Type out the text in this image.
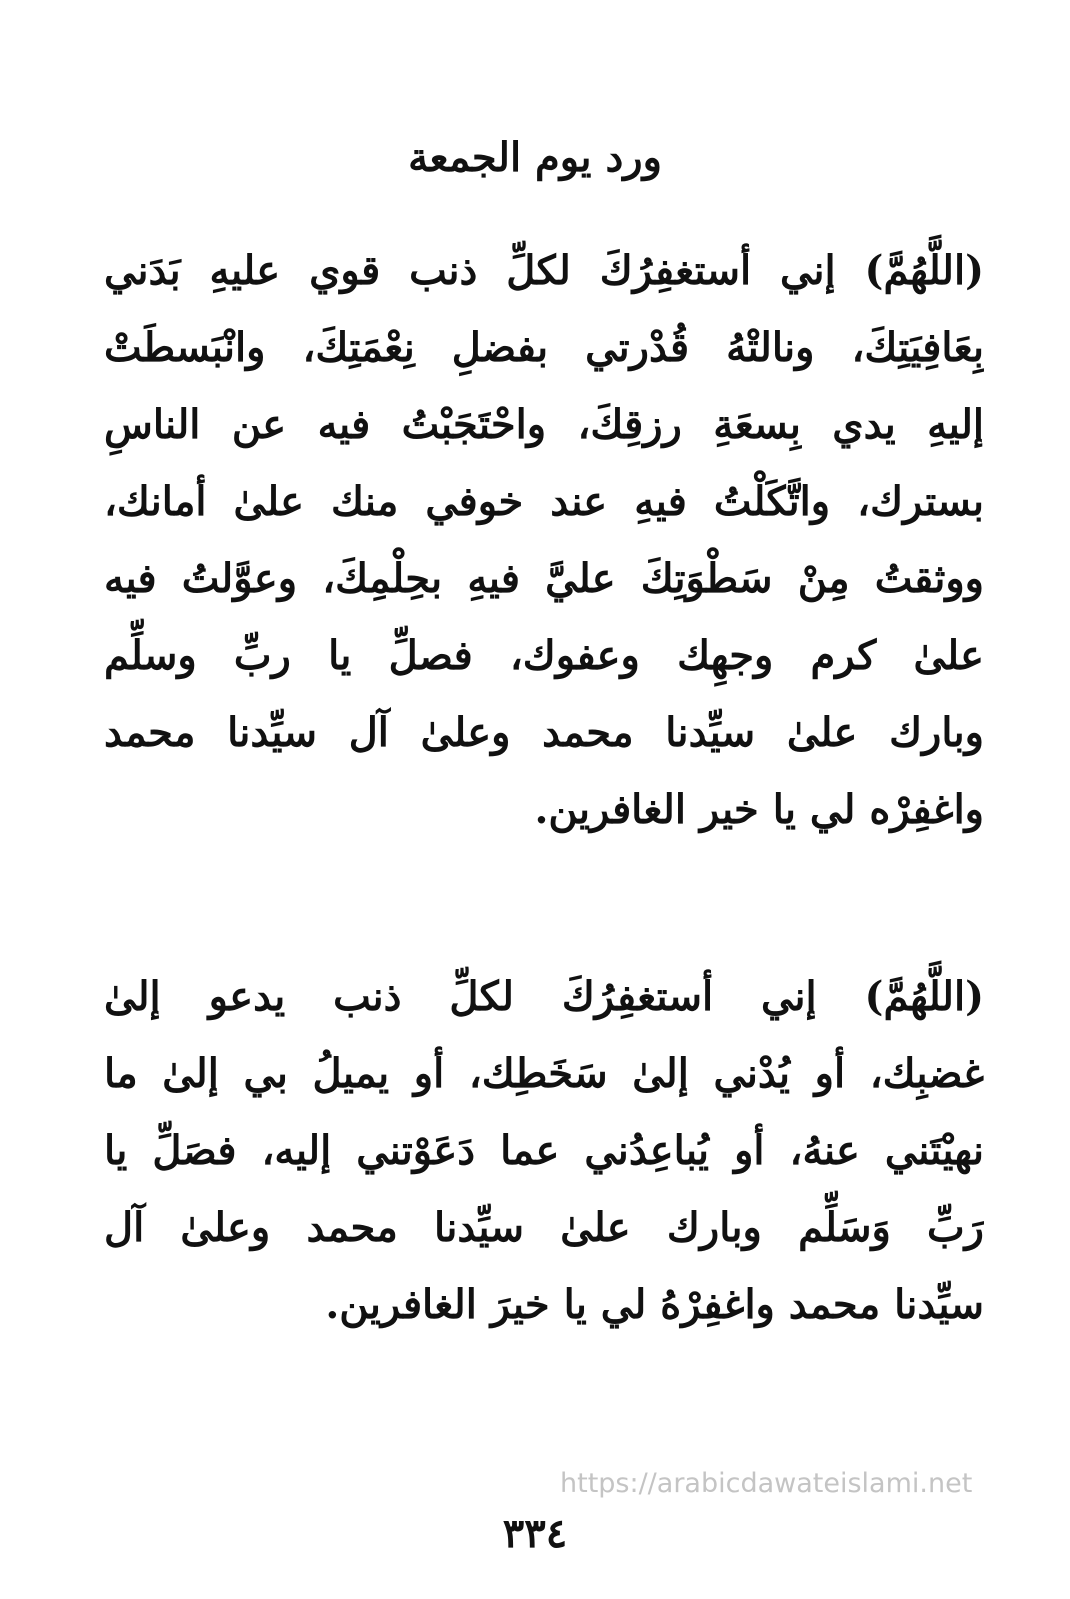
ورد يوم الجمعة
(اللَّهُمَّ) إني أستغفِرُكَ لكلِّ ذنب قوي عليهِ بَدَني
بِعَافِيَتِكَ، ونالتْهُ قُدْرتي بفضلِ نِعْمَتِكَ، وانْبَسطَتْ
إليهِ يدي بِسعَةِ رزقِكَ، واحْتَجَبْتُ فيه عن الناسِ
بسترك، واتَّكَلْتُ فيهِ عند خوفي منك علىٰ أمانك،
ووثقتُ مِنْ سَطْوَتِكَ عليَّ فيهِ بحِلْمِكَ، وعوَّلتُ فيه
علىٰ كرم وجهِك وعفوك، فصلِّ يا ربِّ وسلِّم
وبارك علىٰ سيِّدنا محمد وعلىٰ آل سيِّدنا محمد
واغفِرْه لي يا خير الغافرين.
(اللَّهُمَّ) إني أستغفِرُكَ لكلِّ ذنب يدعو إلىٰ
غضبِك، أو يُدْني إلىٰ سَخَطِك، أو يميلُ بي إلىٰ ما
نهيْتَني عنهُ، أو يُباعِدُني عما دَعَوْتني إليه، فصَلِّ يا
رَبِّ وَسَلِّم وبارك علىٰ سيِّدنا محمد وعلىٰ آل
سيِّدنا محمد واغفِرْهُ لي يا خيرَ الغافرين.
https://arabicdawateislami.net
٣٣٤
